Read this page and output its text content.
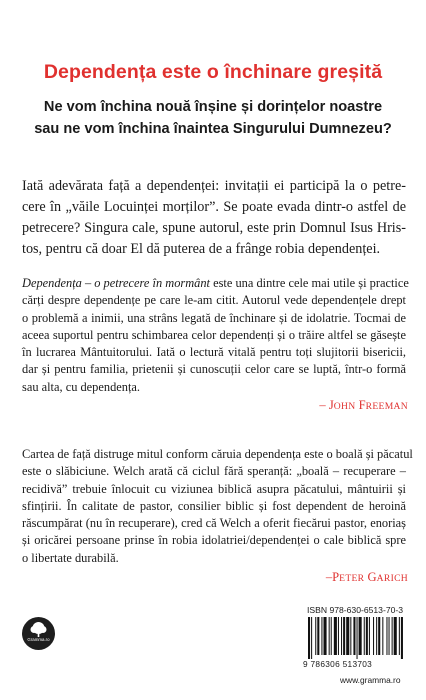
Dependența este o închinare greșită
Ne vom închina nouă înșine și dorințelor noastre
sau ne vom închina înaintea Singurului Dumnezeu?
Iată adevărata față a dependenței: invitații ei participă la o petre-
cere în „văile Locuinței morților”. Se poate evada dintr-o astfel de
petrecere? Singura cale, spune autorul, este prin Domnul Isus Hris-
tos, pentru că doar El dă puterea de a frânge robia dependenței.
Dependența – o petrecere în mormânt este una dintre cele mai utile și practice
cărți despre dependențe pe care le-am citit. Autorul vede dependențele drept
o problemă a inimii, una strâns legată de închinare și de idolatrie. Tocmai de
aceea suportul pentru schimbarea celor dependenți și o trăire altfel se găsește
în lucrarea Mântuitorului. Iată o lectură vitală pentru toți slujitorii bisericii,
dar și pentru familia, prietenii și cunoscuții celor care se luptă, într-o formă
sau alta, cu dependența.
– JOHN FREEMAN
Cartea de față distruge mitul conform căruia dependența este o boală și păcatul
este o slăbiciune. Welch arată că ciclul fără speranță: „boală – recuperare –
recidivă” trebuie înlocuit cu viziunea biblică asupra păcatului, mântuirii și
sfințirii. În calitate de pastor, consilier biblic și fost dependent de heroină
răscumpărat (nu în recuperare), cred că Welch a oferit fiecărui pastor, enoriaș
și oricărei persoane prinse în robia idolatriei/dependenței o cale biblică spre
o libertate durabilă.
–PETER GARICH
Gramma.ro
ISBN 978-630-6513-70-3
9 786306 513703
www.gramma.ro
